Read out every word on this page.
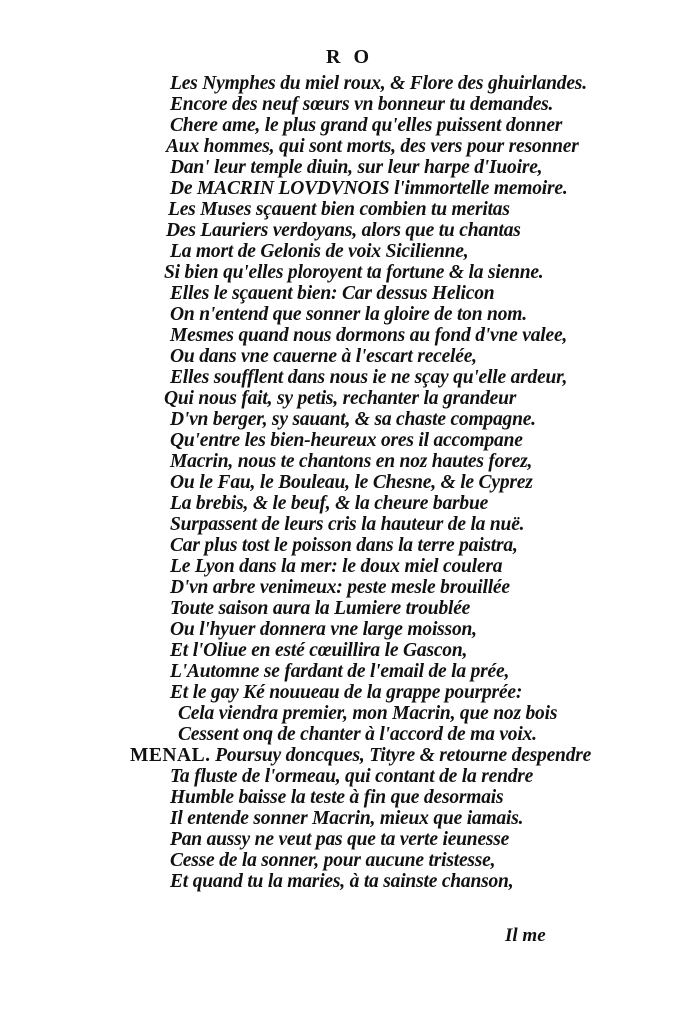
R O
Les Nymphes du miel roux, & Flore des ghuirlandes.
Encore des neuf sœurs vn bonneur tu demandes.
Chere ame, le plus grand qu'elles puissent donner
Aux hommes, qui sont morts, des vers pour resonner
Dan' leur temple diuin, sur leur harpe d'Iuoire,
De MACRIN LOVDVNOIS l'immortelle memoire.
Les Muses sçauent bien combien tu meritas
Des Lauriers verdoyans, alors que tu chantas
La mort de Gelonis de voix Sicilienne,
Si bien qu'elles ploroyent ta fortune & la sienne.
Elles le sçauent bien: Car dessus Helicon
On n'entend que sonner la gloire de ton nom.
Mesmes quand nous dormons au fond d'vne valee,
Ou dans vne cauerne à l'escart recelée,
Elles soufflent dans nous ie ne sçay qu'elle ardeur,
Qui nous fait, sy petis, rechanter la grandeur
D'vn berger, sy sauant, & sa chaste compagne.
Qu'entre les bien-heureux ores il accompane
Macrin, nous te chantons en noz hautes forez,
Ou le Fau, le Bouleau, le Chesne, & le Cyprez
La brebis, & le beuf, & la cheure barbue
Surpassent de leurs cris la hauteur de la nuë.
Car plus tost le poisson dans la terre paistra,
Le Lyon dans la mer: le doux miel coulera
D'vn arbre venimeux: peste mesle brouillée
Toute saison aura la Lumiere troublée
Ou l'hyuer donnera vne large moisson,
Et l'Oliue en esté cœuillira le Gascon,
L'Automne se fardant de l'email de la prée,
Et le gay Ké nouueau de la grappe pourprée:
Cela viendra premier, mon Macrin, que noz bois
Cessent onq de chanter à l'accord de ma voix.
MENAL. Poursuy doncques, Tityre & retourne despendre
Ta fluste de l'ormeau, qui contant de la rendre
Humble baisse la teste à fin que desormais
Il entende sonner Macrin, mieux que iamais.
Pan aussy ne veut pas que ta verte ieunesse
Cesse de la sonner, pour aucune tristesse,
Et quand tu la maries, à ta sainste chanson,
Il me
